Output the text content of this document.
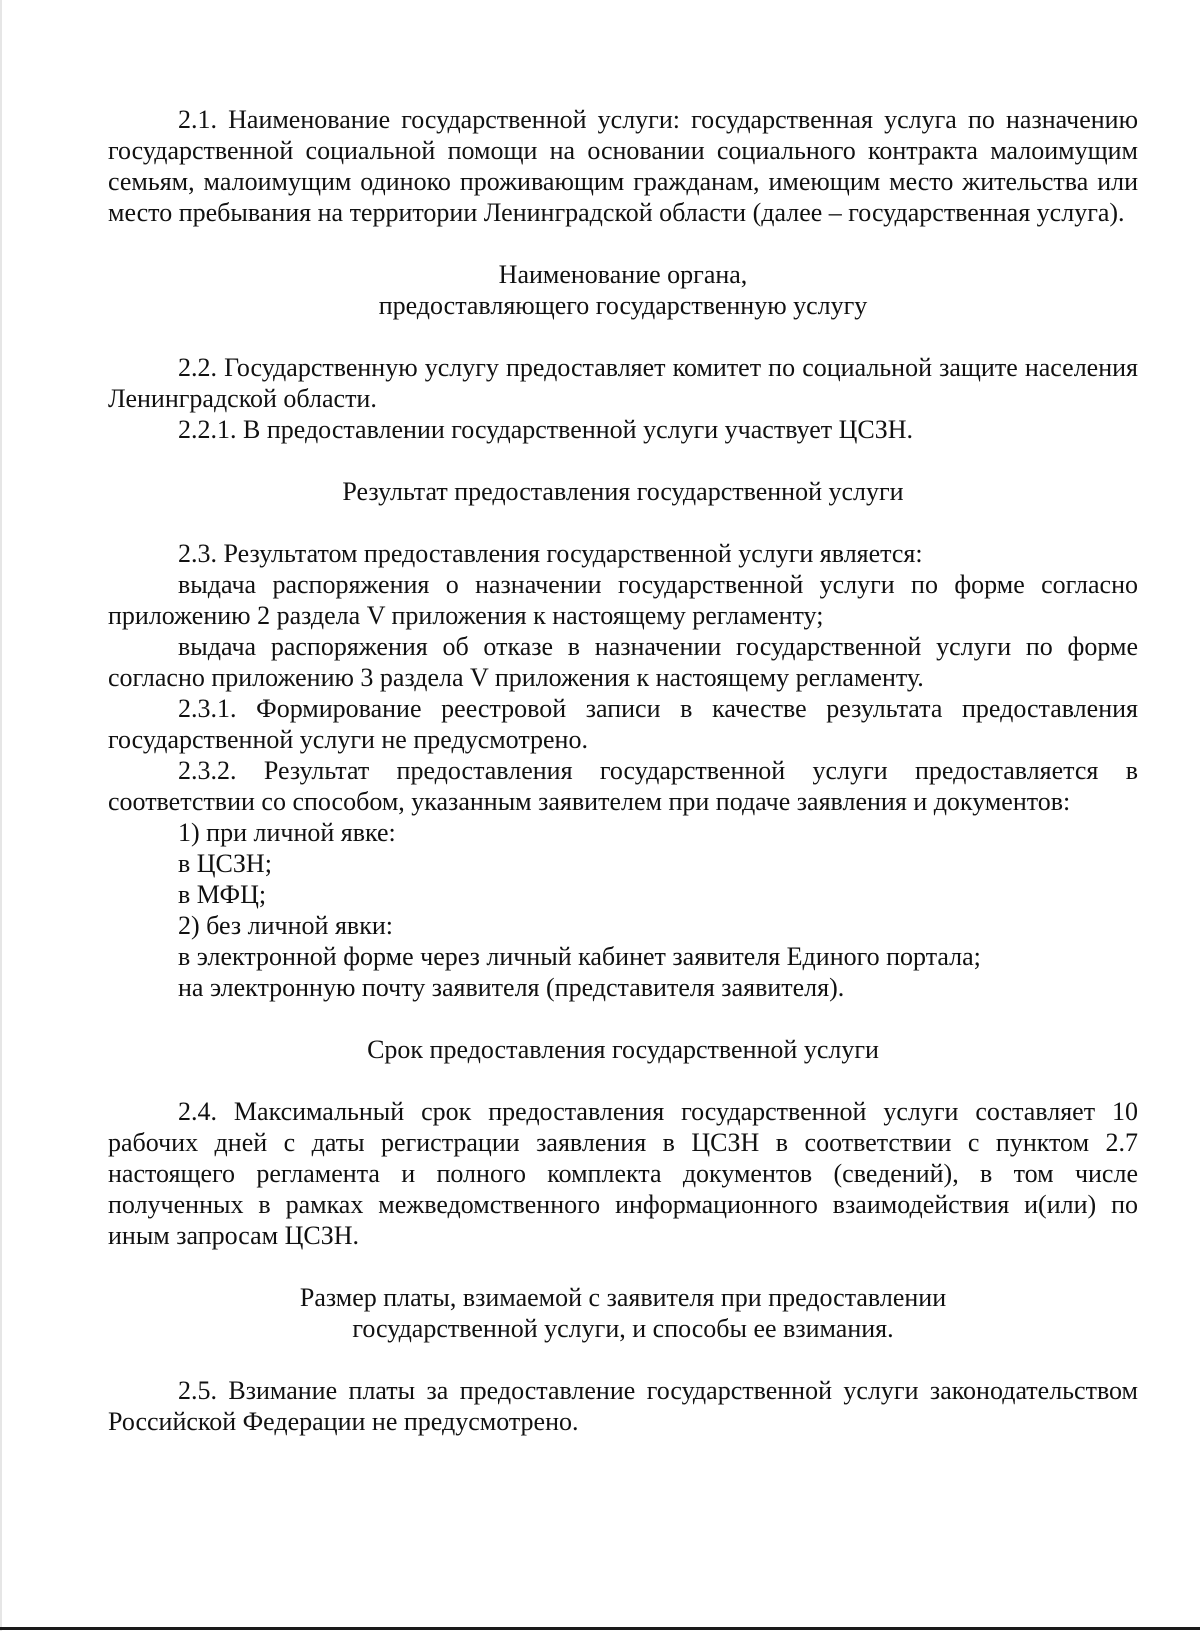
2.1. Наименование государственной услуги: государственная услуга по назначению государственной социальной помощи на основании социального контракта малоимущим семьям, малоимущим одиноко проживающим гражданам, имеющим место жительства или место пребывания на территории Ленинградской области (далее – государственная услуга).

Наименование органа,

предоставляющего государственную услугу

2.2. Государственную услугу предоставляет комитет по социальной защите населения Ленинградской области.

2.2.1. В предоставлении государственной услуги участвует ЦСЗН.

Результат предоставления государственной услуги

2.3. Результатом предоставления государственной услуги является:

выдача распоряжения о назначении государственной услуги по форме согласно приложению 2 раздела V приложения к настоящему регламенту;

выдача распоряжения об отказе в назначении государственной услуги по форме согласно приложению 3 раздела V приложения к настоящему регламенту.

2.3.1. Формирование реестровой записи в качестве результата предоставления государственной услуги не предусмотрено.

2.3.2. Результат предоставления государственной услуги предоставляется в соответствии со способом, указанным заявителем при подаче заявления и документов:

1) при личной явке:

в ЦСЗН;

в МФЦ;

2) без личной явки:

в электронной форме через личный кабинет заявителя Единого портала;

на электронную почту заявителя (представителя заявителя).

Срок предоставления государственной услуги

2.4. Максимальный срок предоставления государственной услуги составляет 10 рабочих дней с даты регистрации заявления в ЦСЗН в соответствии с пунктом 2.7 настоящего регламента и полного комплекта документов (сведений), в том числе полученных в рамках межведомственного информационного взаимодействия и(или) по иным запросам ЦСЗН.

Размер платы, взимаемой с заявителя при предоставлении

государственной услуги, и способы ее взимания.

2.5. Взимание платы за предоставление государственной услуги законодательством Российской Федерации не предусмотрено.
